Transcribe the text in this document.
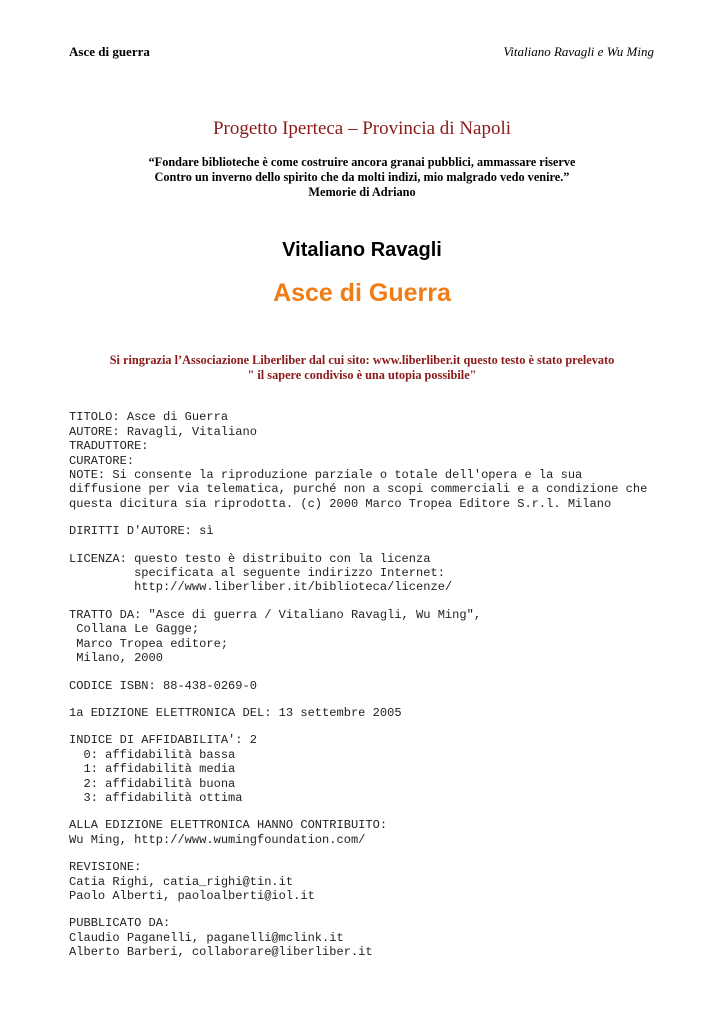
Asce di guerra	Vitaliano Ravagli e Wu Ming
Progetto Iperteca – Provincia di Napoli
“Fondare biblioteche è come costruire ancora granai pubblici, ammassare riserve
Contro un inverno dello spirito che da molti indizi, mio malgrado vedo venire.”
Memorie di Adriano
Vitaliano Ravagli
Asce di Guerra
Si ringrazia l’Associazione Liberliber dal cui sito: www.liberliber.it questo testo è stato prelevato
" il sapere condiviso è una utopia possibile"

TITOLO: Asce di Guerra
AUTORE: Ravagli, Vitaliano
TRADUTTORE:
CURATORE:
NOTE: Si consente la riproduzione parziale o totale dell'opera e la sua
diffusione per via telematica, purché non a scopi commerciali e a condizione che
questa dicitura sia riprodotta. (c) 2000 Marco Tropea Editore S.r.l. Milano
DIRITTI D'AUTORE: sì
LICENZA: questo testo è distribuito con la licenza
specificata al seguente indirizzo Internet:
http://www.liberliber.it/biblioteca/licenze/
TRATTO DA: "Asce di guerra / Vitaliano Ravagli, Wu Ming",
Collana Le Gagge;
Marco Tropea editore;
Milano, 2000
CODICE ISBN: 88-438-0269-0
1a EDIZIONE ELETTRONICA DEL: 13 settembre 2005
INDICE DI AFFIDABILITA': 2
0: affidabilità bassa
1: affidabilità media
2: affidabilità buona
3: affidabilità ottima
ALLA EDIZIONE ELETTRONICA HANNO CONTRIBUITO:
Wu Ming, http://www.wumingfoundation.com/
REVISIONE:
Catia Righi, catia_righi@tin.it
Paolo Alberti, paoloalberti@iol.it
PUBBLICATO DA:
Claudio Paganelli, paganelli@mclink.it
Alberto Barberi, collaborare@liberliber.it
